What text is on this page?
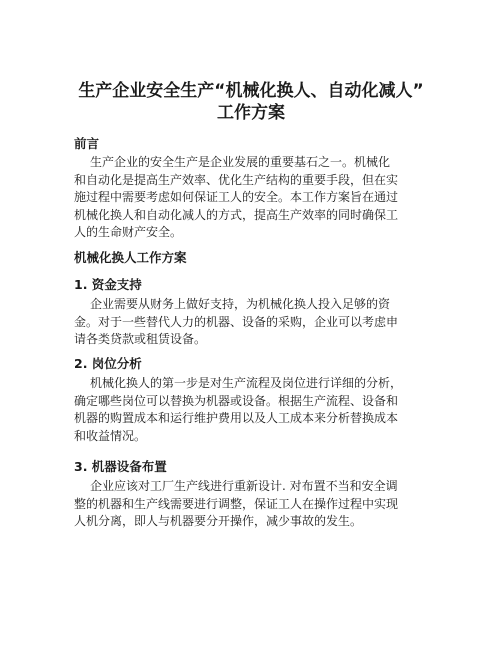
生产企业安全生产“机械化换人、自动化减人”
工作方案
前言

生产企业的安全生产是企业发展的重要基石之一。机械化
和自动化是提高生产效率、优化生产结构的重要手段，但在实
施过程中需要考虑如何保证工人的安全。本工作方案旨在通过
机械化换人和自动化减人的方式，提高生产效率的同时确保工
人的生命财产安全。

机械化换人工作方案
1. 资金支持

企业需要从财务上做好支持，为机械化换人投入足够的资
金。对于一些替代人力的机器、设备的采购，企业可以考虑申
请各类贷款或租赁设备。

2. 岗位分析

机械化换人的第一步是对生产流程及岗位进行详细的分析，
确定哪些岗位可以替换为机器或设备。根据生产流程、设备和
机器的购置成本和运行维护费用以及人工成本来分析替换成本
和收益情况。

3. 机器设备布置

企业应该对工厂生产线进行重新设计. 对布置不当和安全调
整的机器和生产线需要进行调整，保证工人在操作过程中实现
人机分离，即人与机器要分开操作，减少事故的发生。
